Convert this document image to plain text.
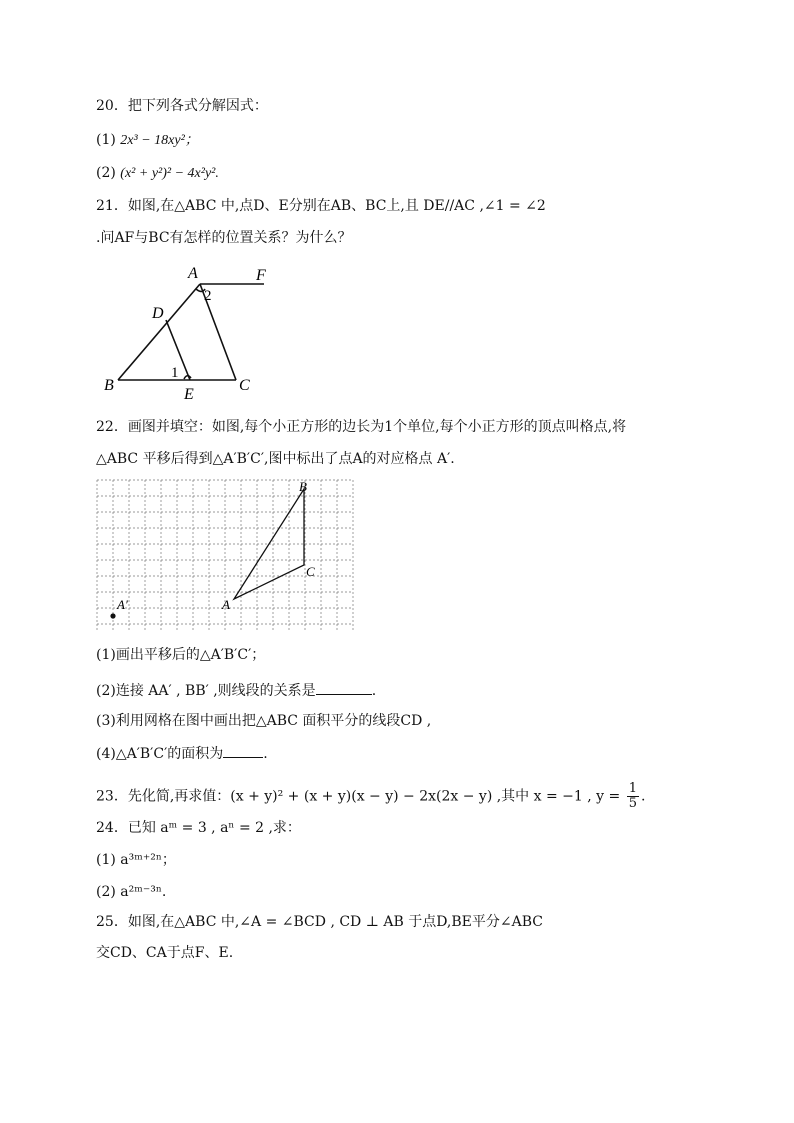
20．把下列各式分解因式：
(1) 2x³ − 18xy²；
(2) (x² + y²)² − 4x²y².
21．如图,在△ABC 中,点D、E分别在AB、BC上,且 DE//AC ,∠1 = ∠2
.问AF与BC有怎样的位置关系？为什么？
A	F
D
B
E
C
1
2
22．画图并填空：如图,每个小正方形的边长为1个单位,每个小正方形的顶点叫格点,将
△ABC 平移后得到△A′B′C′,图中标出了点A的对应格点 A′.
B
C
A
A′
(1)画出平移后的△A′B′C′；
(2)连接 AA′ , BB′ ,则线段的关系是	.
(3)利用网格在图中画出把△ABC 面积平分的线段CD ,
(4)△A′B′C′的面积为	.
23．先化简,再求值：(x + y)² + (x + y)(x − y) − 2x(2x − y) ,其中 x = −1 , $y = \frac{1}{5}$ .
24．已知 aᵐ = 3 , aⁿ = 2 ,求：
(1) a³ᵐ⁺²ⁿ；
(2) a²ᵐ⁻³ⁿ.
25．如图,在△ABC 中,∠A = ∠BCD , CD ⊥ AB 于点D,BE平分∠ABC
交CD、CA于点F、E.
